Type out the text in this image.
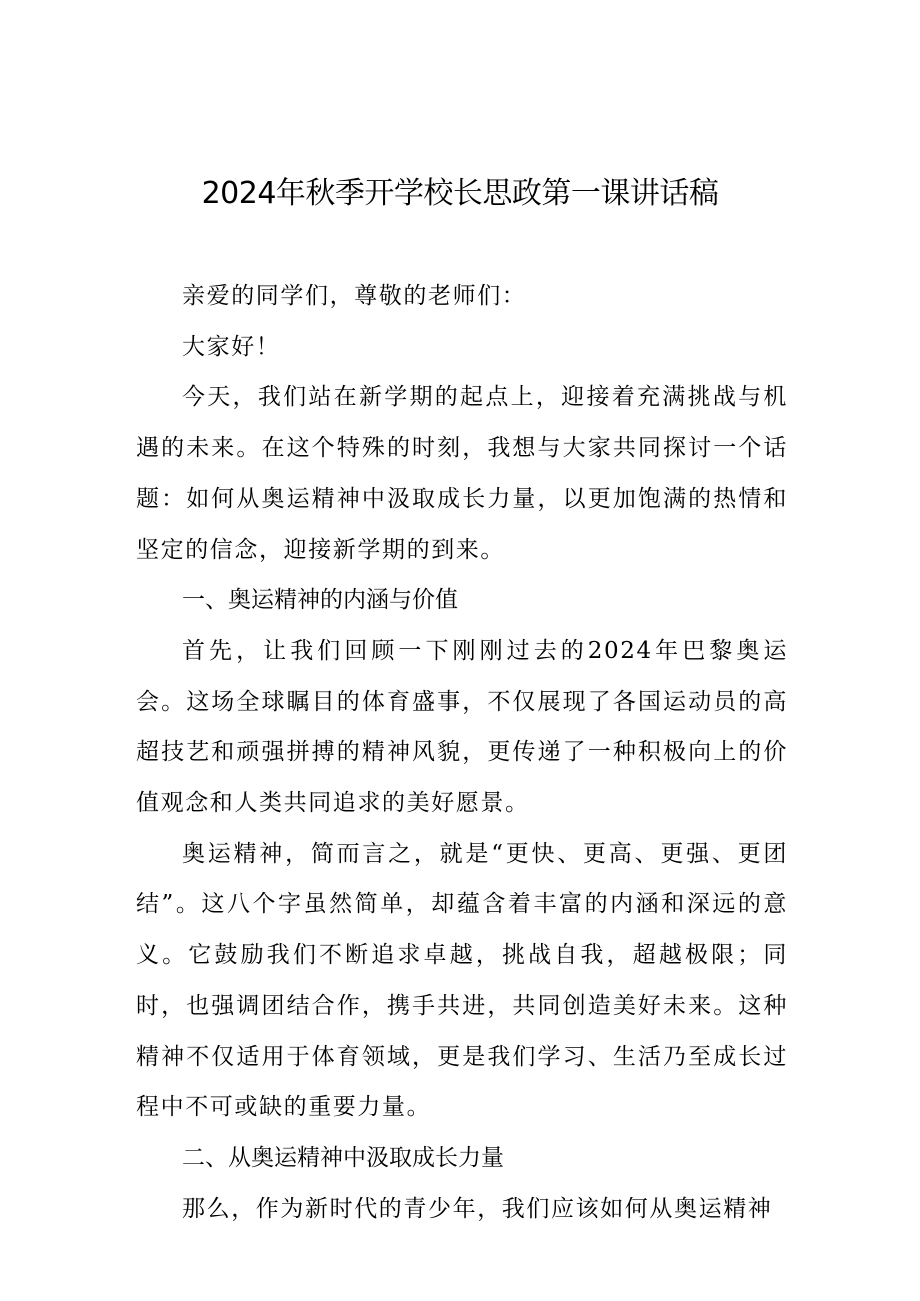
2024年秋季开学校长思政第一课讲话稿

亲爱的同学们，尊敬的老师们：

大家好！

今天，我们站在新学期的起点上，迎接着充满挑战与机遇的未来。在这个特殊的时刻，我想与大家共同探讨一个话题：如何从奥运精神中汲取成长力量，以更加饱满的热情和坚定的信念，迎接新学期的到来。

一、奥运精神的内涵与价值

首先，让我们回顾一下刚刚过去的2024年巴黎奥运会。这场全球瞩目的体育盛事，不仅展现了各国运动员的高超技艺和顽强拼搏的精神风貌，更传递了一种积极向上的价值观念和人类共同追求的美好愿景。

奥运精神，简而言之，就是“更快、更高、更强、更团结”。这八个字虽然简单，却蕴含着丰富的内涵和深远的意义。它鼓励我们不断追求卓越，挑战自我，超越极限；同时，也强调团结合作，携手共进，共同创造美好未来。这种精神不仅适用于体育领域，更是我们学习、生活乃至成长过程中不可或缺的重要力量。

二、从奥运精神中汲取成长力量

那么，作为新时代的青少年，我们应该如何从奥运精神
